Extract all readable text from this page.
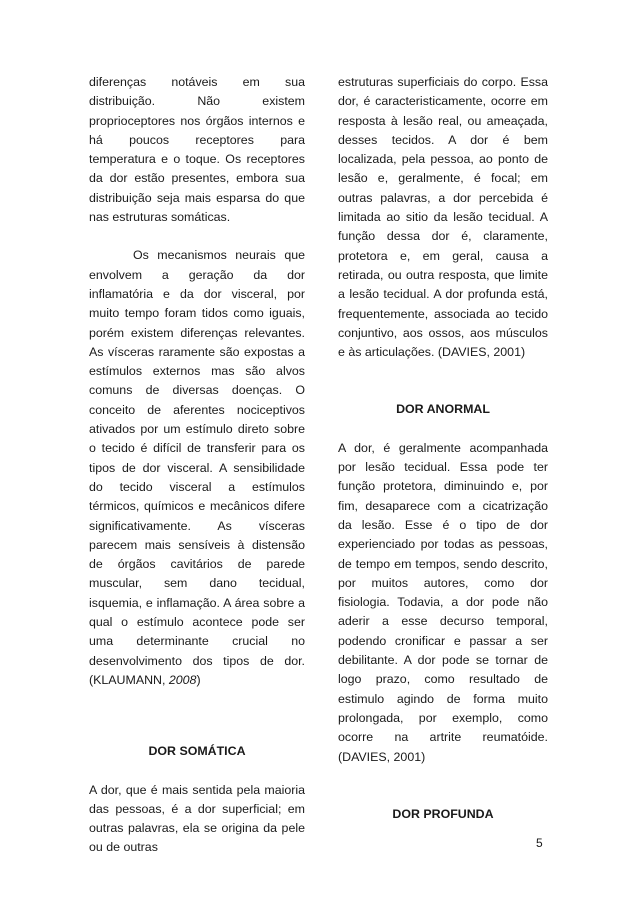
diferenças notáveis em sua distribuição. Não existem proprioceptores nos órgãos internos e há poucos receptores para temperatura e o toque. Os receptores da dor estão presentes, embora sua distribuição seja mais esparsa do que nas estruturas somáticas.

Os mecanismos neurais que envolvem a geração da dor inflamatória e da dor visceral, por muito tempo foram tidos como iguais, porém existem diferenças relevantes. As vísceras raramente são expostas a estímulos externos mas são alvos comuns de diversas doenças. O conceito de aferentes nociceptivos ativados por um estímulo direto sobre o tecido é difícil de transferir para os tipos de dor visceral. A sensibilidade do tecido visceral a estímulos térmicos, químicos e mecânicos difere significativamente. As vísceras parecem mais sensíveis à distensão de órgãos cavitários de parede muscular, sem dano tecidual, isquemia, e inflamação. A área sobre a qual o estímulo acontece pode ser uma determinante crucial no desenvolvimento dos tipos de dor. (KLAUMANN, 2008)

DOR SOMÁTICA

A dor, que é mais sentida pela maioria das pessoas, é a dor superficial; em outras palavras, ela se origina da pele ou de outras

estruturas superficiais do corpo. Essa dor, é caracteristicamente, ocorre em resposta à lesão real, ou ameaçada, desses tecidos. A dor é bem localizada, pela pessoa, ao ponto de lesão e, geralmente, é focal; em outras palavras, a dor percebida é limitada ao sitio da lesão tecidual. A função dessa dor é, claramente, protetora e, em geral, causa a retirada, ou outra resposta, que limite a lesão tecidual. A dor profunda está, frequentemente, associada ao tecido conjuntivo, aos ossos, aos músculos e às articulações. (DAVIES, 2001)

DOR ANORMAL

A dor, é geralmente acompanhada por lesão tecidual. Essa pode ter função protetora, diminuindo e, por fim, desaparece com a cicatrização da lesão. Esse é o tipo de dor experienciado por todas as pessoas, de tempo em tempos, sendo descrito, por muitos autores, como dor fisiologia. Todavia, a dor pode não aderir a esse decurso temporal, podendo cronificar e passar a ser debilitante. A dor pode se tornar de logo prazo, como resultado de estimulo agindo de forma muito prolongada, por exemplo, como ocorre na artrite reumatóide. (DAVIES, 2001)

DOR PROFUNDA

5
